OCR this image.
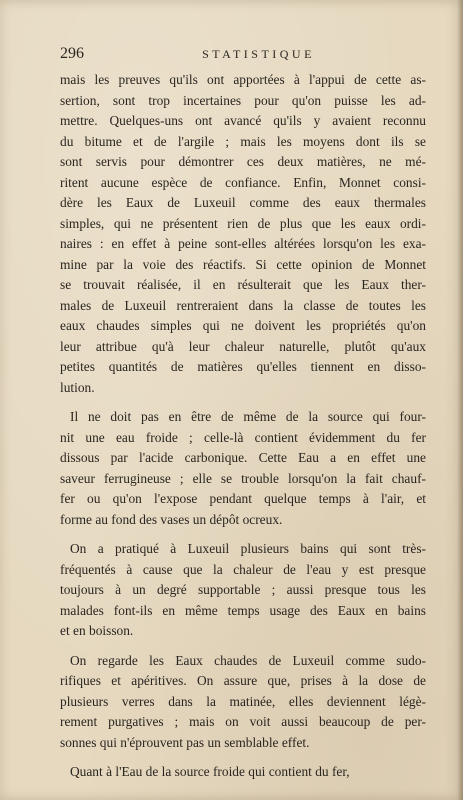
296	STATISTIQUE
mais les preuves qu'ils ont apportées à l'appui de cette as-
sertion, sont trop incertaines pour qu'on puisse les ad-
mettre. Quelques-uns ont avancé qu'ils y avaient reconnu
du bitume et de l'argile ; mais les moyens dont ils se
sont servis pour démontrer ces deux matières, ne mé-
ritent aucune espèce de confiance. Enfin, Monnet consi-
dère les Eaux de Luxeuil comme des eaux thermales
simples, qui ne présentent rien de plus que les eaux ordi-
naires : en effet à peine sont-elles altérées lorsqu'on les exa-
mine par la voie des réactifs. Si cette opinion de Monnet
se trouvait réalisée, il en résulterait que les Eaux ther-
males de Luxeuil rentreraient dans la classe de toutes les
eaux chaudes simples qui ne doivent les propriétés qu'on
leur attribue qu'à leur chaleur naturelle, plutôt qu'aux
petites quantités de matières qu'elles tiennent en disso-
lution.
Il ne doit pas en être de même de la source qui four-
nit une eau froide ; celle-là contient évidemment du fer
dissous par l'acide carbonique. Cette Eau a en effet une
saveur ferrugineuse ; elle se trouble lorsqu'on la fait chauf-
fer ou qu'on l'expose pendant quelque temps à l'air, et
forme au fond des vases un dépôt ocreux.
On a pratiqué à Luxeuil plusieurs bains qui sont très-
fréquentés à cause que la chaleur de l'eau y est presque
toujours à un degré supportable ; aussi presque tous les
malades font-ils en même temps usage des Eaux en bains
et en boisson.
On regarde les Eaux chaudes de Luxeuil comme sudo-
rifiques et apéritives. On assure que, prises à la dose de
plusieurs verres dans la matinée, elles deviennent légè-
rement purgatives ; mais on voit aussi beaucoup de per-
sonnes qui n'éprouvent pas un semblable effet.
Quant à l'Eau de la source froide qui contient du fer,
